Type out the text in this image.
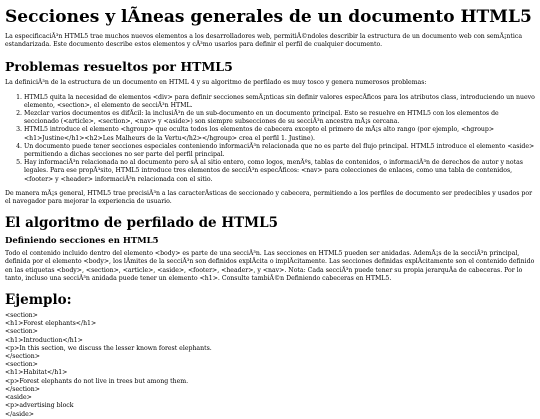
Secciones y lÃneas generales de un documento HTML5

La especificaciÃ³n HTML5 trae muchos nuevos elementos a los desarrolladores web, permitiÃ©ndoles describir la estructura de un documento web con semÃ¡ntica estandarizada. Este documento describe estos elementos y cÃ³mo usarlos para definir el perfil de cualquier documento.

Problemas resueltos por HTML5

La definiciÃ³n de la estructura de un documento en HTML 4 y su algoritmo de perfilado es muy tosco y genera numerosos problemas:

1. HTML5 quita la necesidad de elementos <div> para definir secciones semÃ¡nticas sin definir valores especÃficos para los atributos class, introduciendo un nuevo elemento, <section>, el elemento de secciÃ³n HTML.
2. Mezclar varios documentos es difÃcil: la inclusiÃ³n de un sub-documento en un documento principal. Esto se resuelve en HTML5 con los elementos de seccionado (<article>, <section>, <nav> y <aside>) son siempre subsecciones de su secciÃ³n ancestra mÃ¡s cercana.
3. HTML5 introduce el elemento <hgroup> que oculta todos los elementos de cabecera excepto el primero de mÃ¡s alto rango (por ejemplo, <hgroup> <h1>Justine</h1><h2>Les Malheurs de la Vertu</h2></hgroup> crea el perfil 1. Justine).
4. Un documento puede tener secciones especiales conteniendo informaciÃ³n relacionada que no es parte del flujo principal. HTML5 introduce el elemento <aside> permitiendo a dichas secciones no ser parte del perfil principal.
5. Hay informaciÃ³n relacionada no al documento pero sÃ al sitio entero, como logos, menÃºs, tablas de contenidos, o informaciÃ³n de derechos de autor y notas legales. Para ese propÃ³sito, HTML5 introduce tres elementos de secciÃ³n especÃficos: <nav> para colecciones de enlaces, como una tabla de contenidos, <footer> y <header> informaciÃ³n relacionada con el sitio.

De manera mÃ¡s general, HTML5 trae precisiÃ³n a las caracterÃsticas de seccionado y cabecera, permitiendo a los perfiles de documento ser predecibles y usados por el navegador para mejorar la experiencia de usuario.

El algoritmo de perfilado de HTML5
Definiendo secciones en HTML5

Todo el contenido incluido dentro del elemento <body> es parte de una secciÃ³n. Las secciones en HTML5 pueden ser anidadas. AdemÃ¡s de la secciÃ³n principal, definida por el elemento <body>, los lÃmites de la secciÃ³n son definidos explÃcita o implÃcitamente. Las secciones definidas explÃcitamente son el contenido definido en las etiquetas <body>, <section>, <article>, <aside>, <footer>, <header>, y <nav>. Nota: Cada secciÃ³n puede tener su propia jerarquÃa de cabeceras. Por lo tanto, incluso una secciÃ³n anidada puede tener un elemento <h1>. Consulte tambiÃ©n Definiendo cabeceras en HTML5.

Ejemplo:
<section>
<h1>Forest elephants</h1>
<section>
<h1>Introduction</h1>
<p>In this section, we discuss the lesser known forest elephants.
</section>
<section>
<h1>Habitat</h1>
<p>Forest elephants do not live in trees but among them.
</section>
<aside>
<p>advertising block
</aside>
